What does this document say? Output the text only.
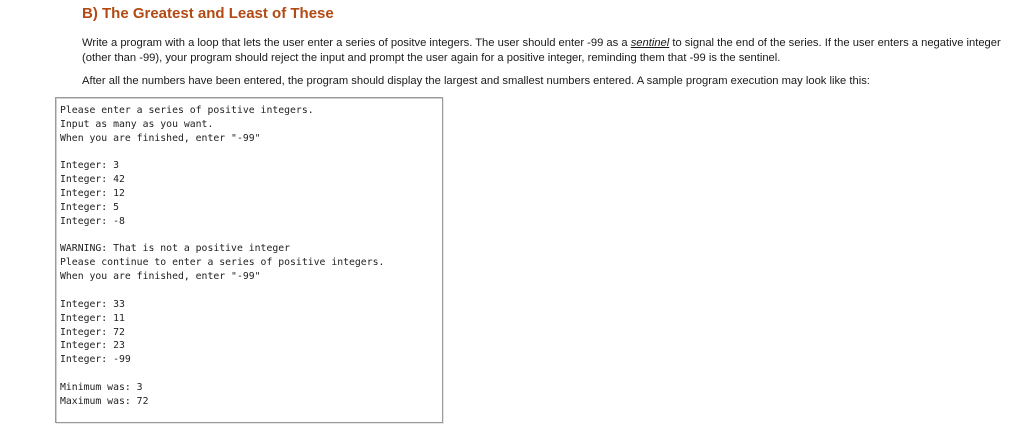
B) The Greatest and Least of These

Write a program with a loop that lets the user enter a series of positve integers. The user should enter -99 as a sentinel to signal the end of the series. If the user enters a negative integer (other than -99), your program should reject the input and prompt the user again for a positive integer, reminding them that -99 is the sentinel.

After all the numbers have been entered, the program should display the largest and smallest numbers entered. A sample program execution may look like this:

Please enter a series of positive integers.
Input as many as you want.
When you are finished, enter "-99"
Integer: 3
Integer: 42
Integer: 12
Integer: 5
Integer: -8
WARNING: That is not a positive integer
Please continue to enter a series of positive integers.
When you are finished, enter "-99"
Integer: 33
Integer: 11
Integer: 72
Integer: 23
Integer: -99
Minimum was: 3
Maximum was: 72
